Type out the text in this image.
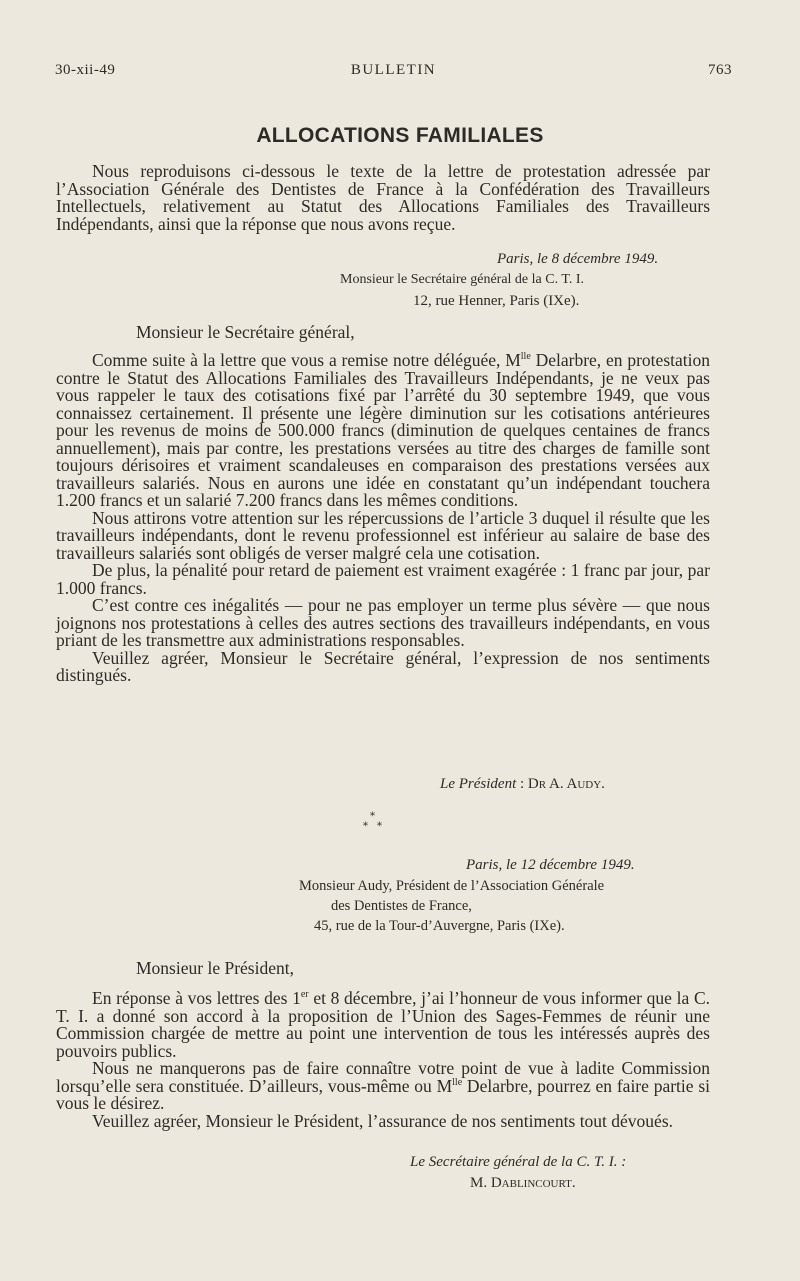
30-xii-49	BULLETIN	763
ALLOCATIONS FAMILIALES

Nous reproduisons ci-dessous le texte de la lettre de protestation adressée par l’Association Générale des Dentistes de France à la Confédération des Travailleurs Intellectuels, relativement au Statut des Allocations Familiales des Travailleurs Indépendants, ainsi que la réponse que nous avons reçue.

Paris, le 8 décembre 1949.
Monsieur le Secrétaire général de la C. T. I.
12, rue Henner, Paris (IXe).
Monsieur le Secrétaire général,

Comme suite à la lettre que vous a remise notre déléguée, $M^{lle}$ Delarbre, en protestation contre le Statut des Allocations Familiales des Travailleurs Indépendants, je ne veux pas vous rappeler le taux des cotisations fixé par l’arrêté du 30 septembre 1949, que vous connaissez certainement. Il présente une légère diminution sur les cotisations antérieures pour les revenus de moins de 500.000 francs (diminution de quelques centaines de francs annuellement), mais par contre, les prestations versées au titre des charges de famille sont toujours dérisoires et vraiment scandaleuses en comparaison des prestations versées aux travailleurs salariés. Nous en aurons une idée en constatant qu’un indépendant touchera 1.200 francs et un salarié 7.200 francs dans les mêmes conditions.

Nous attirons votre attention sur les répercussions de l’article 3 duquel il résulte que les travailleurs indépendants, dont le revenu professionnel est inférieur au salaire de base des travailleurs salariés sont obligés de verser malgré cela une cotisation.

De plus, la pénalité pour retard de paiement est vraiment exagérée : 1 franc par jour, par 1.000 francs.

C’est contre ces inégalités — pour ne pas employer un terme plus sévère — que nous joignons nos protestations à celles des autres sections des travailleurs indépendants, en vous priant de les transmettre aux administrations responsables.

Veuillez agréer, Monsieur le Secrétaire général, l’expression de nos sentiments distingués.

Le Président : Dr A. Audy.
*
* *
Paris, le 12 décembre 1949.
Monsieur Audy, Président de l’Association Générale
des Dentistes de France,
45, rue de la Tour-d’Auvergne, Paris (IXe).
Monsieur le Président,

En réponse à vos lettres des 1er et 8 décembre, j’ai l’honneur de vous informer que la C. T. I. a donné son accord à la proposition de l’Union des Sages-Femmes de réunir une Commission chargée de mettre au point une intervention de tous les intéressés auprès des pouvoirs publics.

Nous ne manquerons pas de faire connaître votre point de vue à ladite Commission lorsqu’elle sera constituée. D’ailleurs, vous-même ou $M^{lle}$ Delarbre, pourrez en faire partie si vous le désirez.

Veuillez agréer, Monsieur le Président, l’assurance de nos sentiments tout dévoués.

Le Secrétaire général de la C. T. I. :
M. Dablincourt.
